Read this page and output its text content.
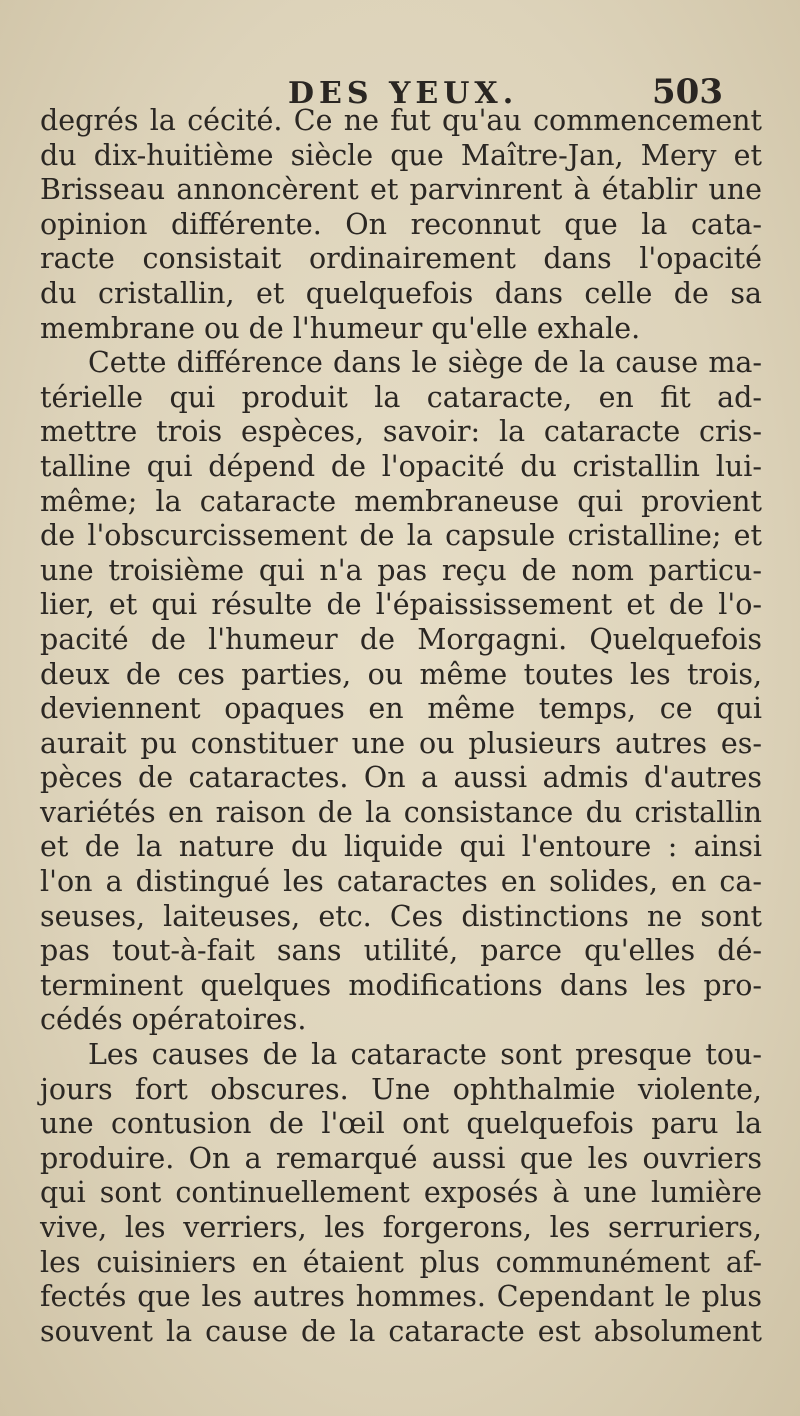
DES YEUX.	503
degrés la cécité. Ce ne fut qu'au commencement
du dix-huitième siècle que Maître-Jan, Mery et
Brisseau annoncèrent et parvinrent à établir une
opinion différente. On reconnut que la cata-
racte consistait ordinairement dans l'opacité
du cristallin, et quelquefois dans celle de sa
membrane ou de l'humeur qu'elle exhale.
Cette différence dans le siège de la cause ma-
térielle qui produit la cataracte, en fit ad-
mettre trois espèces, savoir: la cataracte cris-
talline qui dépend de l'opacité du cristallin lui-
même; la cataracte membraneuse qui provient
de l'obscurcissement de la capsule cristalline; et
une troisième qui n'a pas reçu de nom particu-
lier, et qui résulte de l'épaississement et de l'o-
pacité de l'humeur de Morgagni. Quelquefois
deux de ces parties, ou même toutes les trois,
deviennent opaques en même temps, ce qui
aurait pu constituer une ou plusieurs autres es-
pèces de cataractes. On a aussi admis d'autres
variétés en raison de la consistance du cristallin
et de la nature du liquide qui l'entoure : ainsi
l'on a distingué les cataractes en solides, en ca-
seuses, laiteuses, etc. Ces distinctions ne sont
pas tout-à-fait sans utilité, parce qu'elles dé-
terminent quelques modifications dans les pro-
cédés opératoires.
Les causes de la cataracte sont presque tou-
jours fort obscures. Une ophthalmie violente,
une contusion de l'œil ont quelquefois paru la
produire. On a remarqué aussi que les ouvriers
qui sont continuellement exposés à une lumière
vive, les verriers, les forgerons, les serruriers,
les cuisiniers en étaient plus communément af-
fectés que les autres hommes. Cependant le plus
souvent la cause de la cataracte est absolument
